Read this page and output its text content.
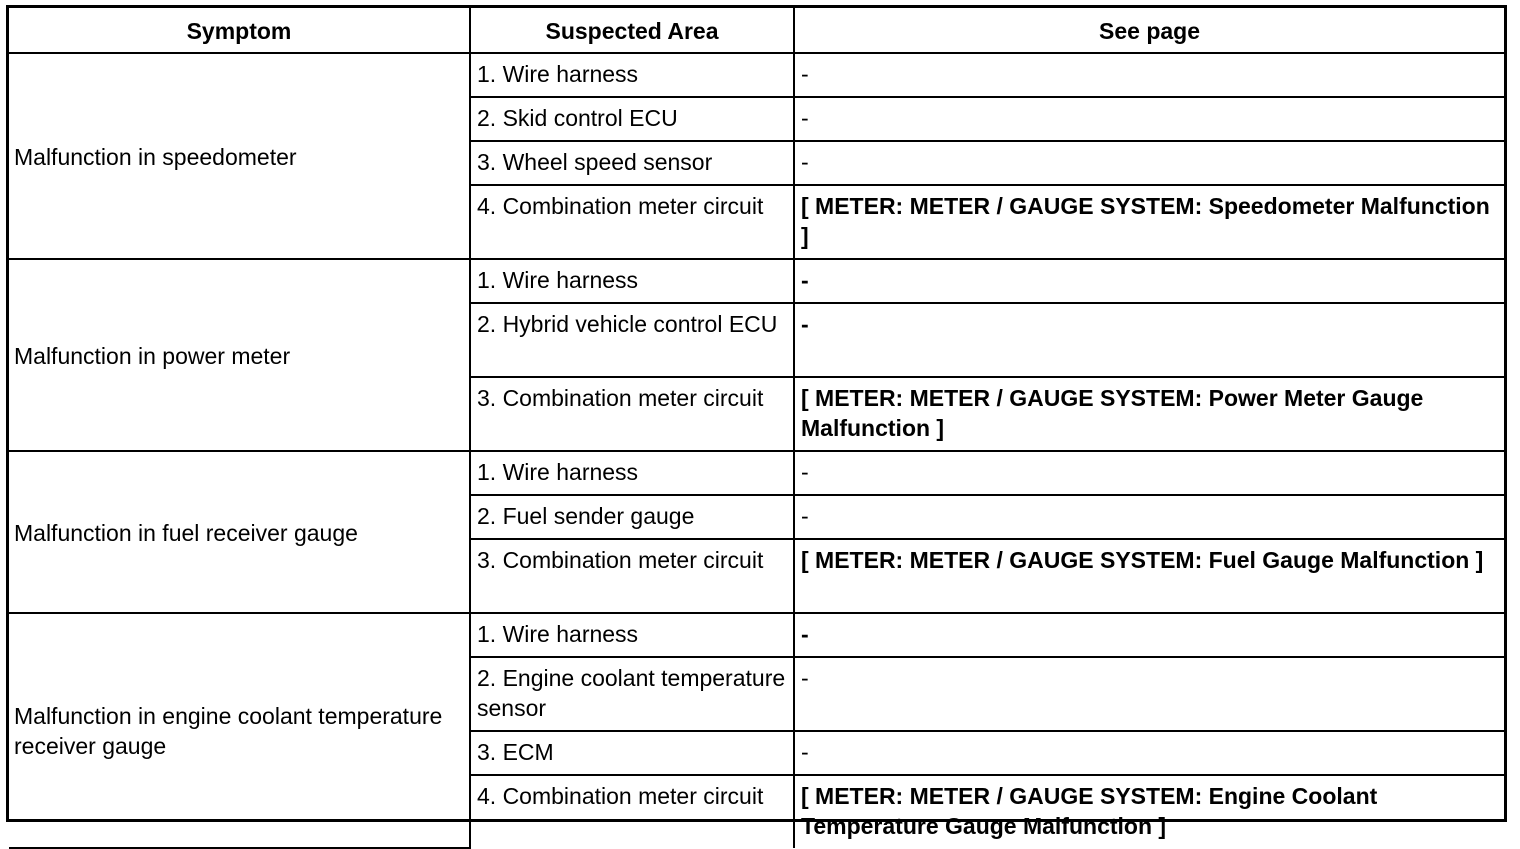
Symptom	Suspected Area	See page
Malfunction in speedometer	1. Wire harness	-
	2. Skid control ECU	-
	3. Wheel speed sensor	-
	4. Combination meter circuit	[ METER: METER / GAUGE SYSTEM: Speedometer Malfunction ]
Malfunction in power meter	1. Wire harness	-
	2. Hybrid vehicle control ECU	-
	3. Combination meter circuit	[ METER: METER / GAUGE SYSTEM: Power Meter Gauge Malfunction ]
Malfunction in fuel receiver gauge	1. Wire harness	-
	2. Fuel sender gauge	-
	3. Combination meter circuit	[ METER: METER / GAUGE SYSTEM: Fuel Gauge Malfunction ]
Malfunction in engine coolant temperature receiver gauge	1. Wire harness	-
	2. Engine coolant temperature sensor	-
	3. ECM	-
	4. Combination meter circuit	[ METER: METER / GAUGE SYSTEM: Engine Coolant Temperature Gauge Malfunction ]
